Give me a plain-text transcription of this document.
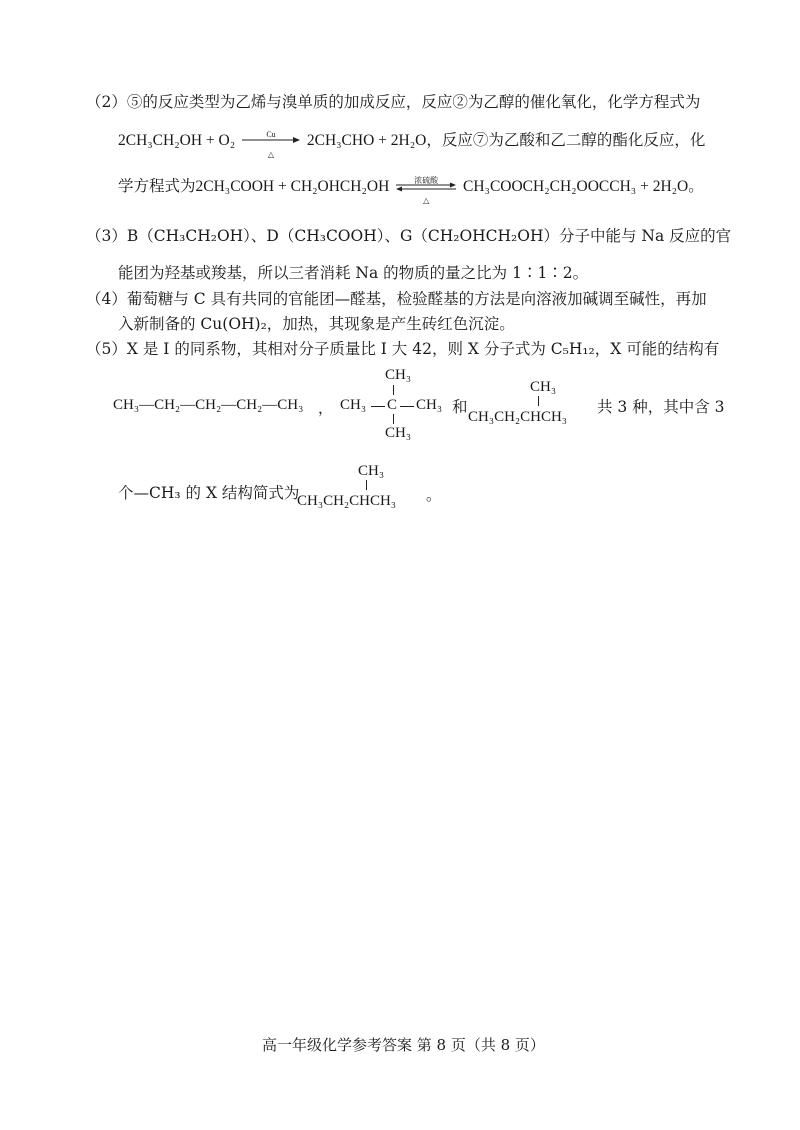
（2）⑤的反应类型为乙烯与溴单质的加成反应，反应②为乙醇的催化氧化，化学方程式为
2CH₃CH₂OH + O₂	Cu
△
2CH₃CHO + 2H₂O，反应⑦为乙酸和乙二醇的酯化反应，化
学方程式为2CH₃COOH + CH₂OHCH₂OH	浓硫酸
△
CH₃COOCH₂CH₂OOCCH₃ + 2H₂O。
（3）B（CH₃CH₂OH）、D（CH₃COOH）、G（CH₂OHCH₂OH）分子中能与 Na 反应的官
能团为羟基或羧基，所以三者消耗 Na 的物质的量之比为 1∶1∶2。
（4）葡萄糖与 C 具有共同的官能团—醛基，检验醛基的方法是向溶液加碱调至碱性，再加
入新制备的 Cu(OH)₂，加热，其现象是产生砖红色沉淀。
（5）X 是 I 的同系物，其相对分子质量比 I 大 42，则 X 分子式为 C₅H₁₂，X 可能的结构有
CH₃—CH₂—CH₂—CH₂—CH₃ ，
CH₃
CH₃ C CH₃
CH₃
和
CH₃
CH₃CH₂CHCH₃
共 3 种，其中含 3
个—CH₃ 的 X 结构简式为
CH₃
CH₃CH₂CHCH₃ 。
高一年级化学参考答案 第 8 页（共 8 页）
